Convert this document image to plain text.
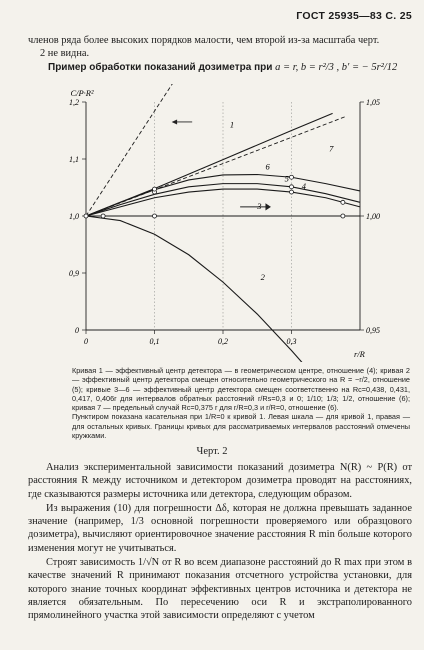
ГОСТ 25935—83 С. 25
членов ряда более высоких порядков малости, чем второй из-за масштаба черт.
2 не видна.
Пример обработки показаний дозиметра при a = r, b = r²/3 , b′ = − 5r²/12
0	0,1	0,2	0,3
0
0,9
1,0
1,1
1,2
0,95
1,00
1,05
C/P·R²
r/R
1
2
3
4
5
6
7
Кривая 1 — эффективный центр детектора — в геометрическом центре, отношение (4); кривая 2 — эффективный центр детектора смещен относительно геометрического на R = −r/2, отношение (5); кривые 3—6 — эффективный центр детектора смещен соответственно на Rc=0,438, 0,431, 0,417, 0,406r для интервалов обратных расстояний r/Rs=0,3 и 0; 1/10; 1/3; 1/2, отношение (6); кривая 7 — предельный случай Rc=0,375 r для r/R=0,3 и r/R=0, отношение (6).
Пунктиром показана касательная при 1/R=0 к кривой 1. Левая шкала — для кривой 1, правая — для остальных кривых. Границы кривых для рассматриваемых интервалов расстояний отмечены кружками.
Черт. 2

Анализ экспериментальной зависимости показаний дозиметра N(R) ~ P(R) от расстояния R между источником и детектором дозиметра проводят на расстояниях, где сказываются размеры источника или детектора, следующим образом.

Из выражения (10) для погрешности Δδ, которая не должна превышать заданное значение (например, 1/3 основной погрешности проверяемого или образцового дозиметра), вычисляют ориентировочное значение расстояния R min больше которого изменения могут не учитываться.

Строят зависимость 1/√N от R во всем диапазоне расстояний до R max при этом в качестве значений R принимают показания отсчетного устройства установки, для которого знание точных координат эффективных центров источника и детектора не является обязательным. По пересечению оси R и экстраполированного прямолинейного участка этой зависимости определяют с учетом
